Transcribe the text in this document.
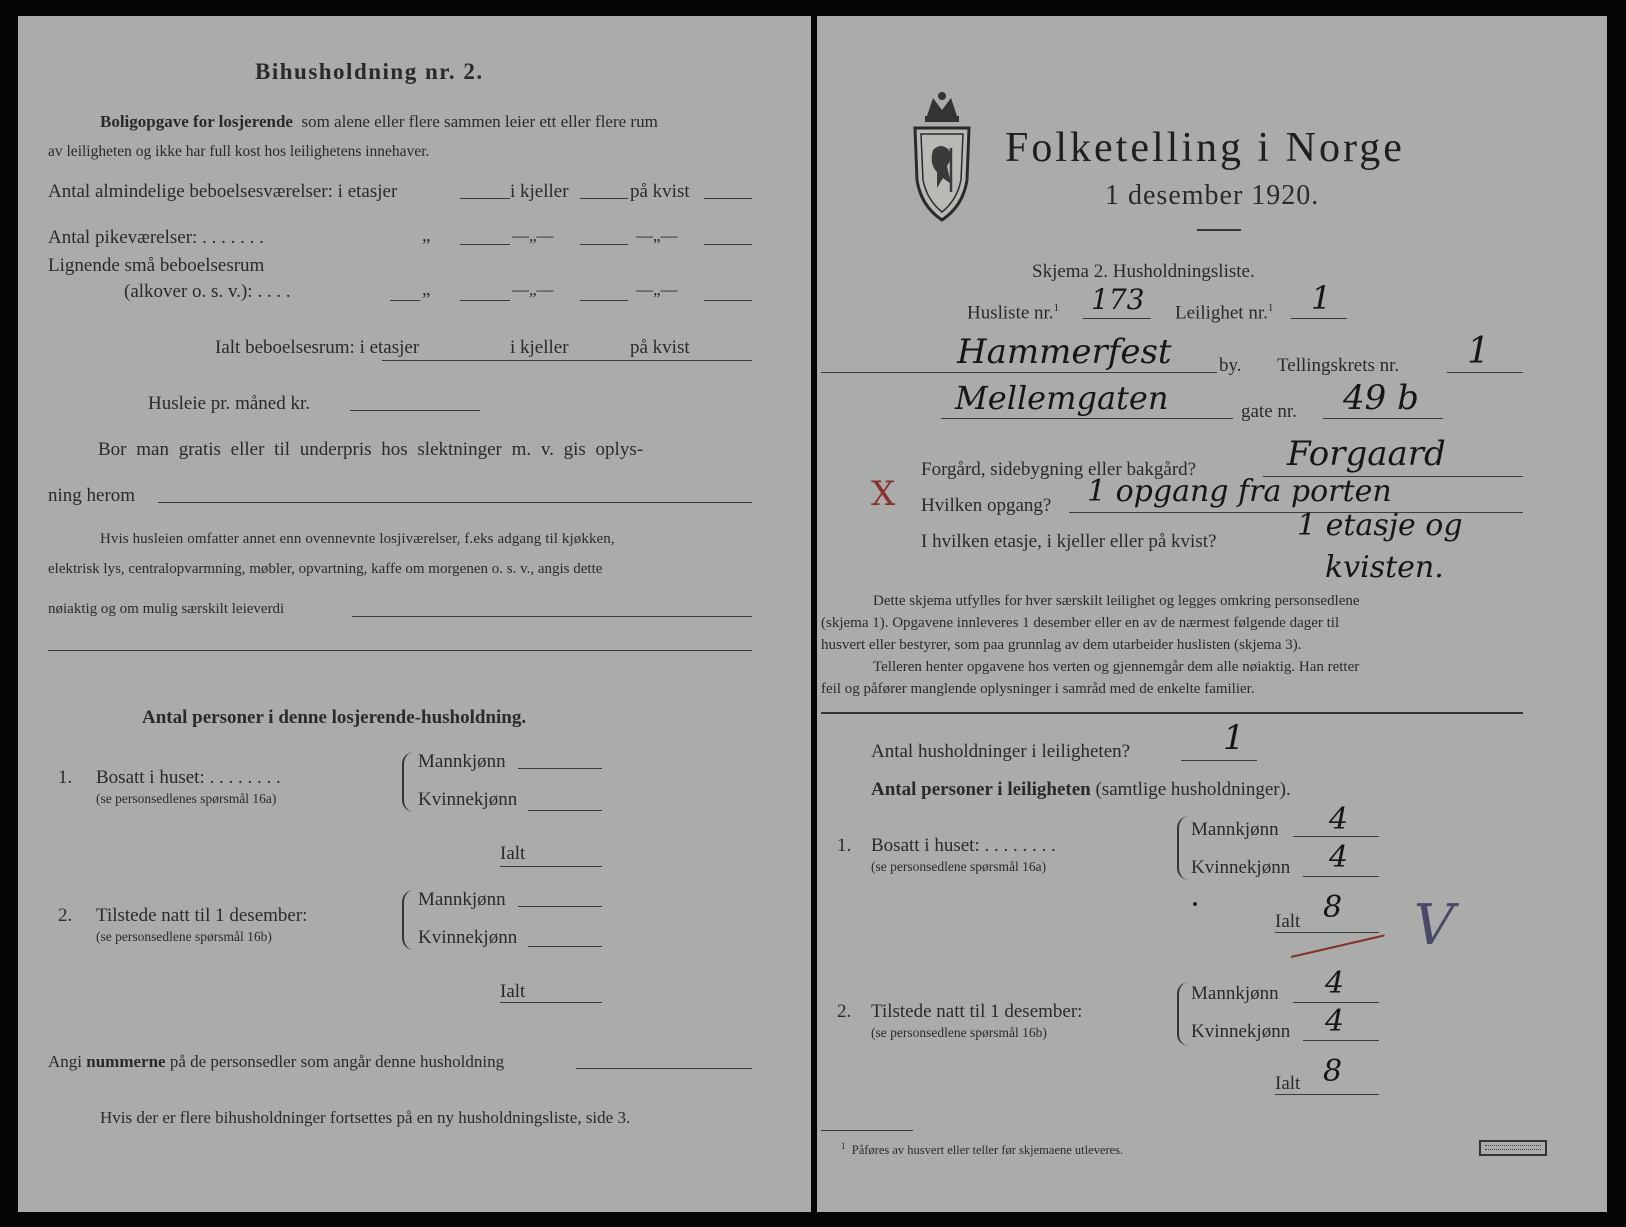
Bihusholdning nr. 2.
Boligopgave for losjerende som alene eller flere sammen leier ett eller flere rum
av leiligheten og ikke har full kost hos leilighetens innehaver.
Antal almindelige beboelsesværelser: i etasjer	i kjeller	på kvist
Antal pikeværelser: . . . . . . .	„	—„—	—„—
Lignende små beboelsesrum
(alkover o. s. v.): . . . .	„	—„—	—„—
Ialt beboelsesrum: i etasjer	i kjeller	på kvist
Husleie pr. måned kr.
Bor man gratis eller til underpris hos slektninger m. v. gis oplys-
ning herom
Hvis husleien omfatter annet enn ovennevnte losjiværelser, f.eks adgang til kjøkken,
elektrisk lys, centralopvarmning, møbler, opvartning, kaffe om morgenen o. s. v., angis dette
nøiaktig og om mulig særskilt leieverdi
Antal personer i denne losjerende-husholdning.
1. Bosatt i huset: . . . . . . . .
(se personsedlenes spørsmål 16a)
Mannkjønn
Kvinnekjønn
Ialt
2. Tilstede natt til 1 desember:
(se personsedlene spørsmål 16b)
Mannkjønn
Kvinnekjønn
Ialt
Angi nummerne på de personsedler som angår denne husholdning
Hvis der er flere bihusholdninger fortsettes på en ny husholdningsliste, side 3.
Folketelling i Norge
1 desember 1920.
Skjema 2. Husholdningsliste.
Husliste nr.$^1$ 173 Leilighet nr.$^1$ 1
Hammerfest by. Tellingskrets nr. 1
Mellemgaten	gate nr. 49 b
Forgård, sidebygning eller bakgård?	Forgaard
X Hvilken opgang? 1 opgang fra porten
I hvilken etasje, i kjeller eller på kvist?	1 etasje og
kvisten.
Dette skjema utfylles for hver særskilt leilighet og legges omkring personsedlene
(skjema 1). Opgavene innleveres 1 desember eller en av de nærmest følgende dager til
husvert eller bestyrer, som paa grunnlag av dem utarbeider huslisten (skjema 3).
Telleren henter opgavene hos verten og gjennemgår dem alle nøiaktig. Han retter
feil og påfører manglende oplysninger i samråd med de enkelte familier.
Antal husholdninger i leiligheten?	1
Antal personer i leiligheten (samtlige husholdninger).
1. Bosatt i huset: . . . . . . . .
(se personsedlene spørsmål 16a)
Mannkjønn 4
Kvinnekjønn 4
Ialt 8 V
2. Tilstede natt til 1 desember:
(se personsedlene spørsmål 16b)
Mannkjønn 4
Kvinnekjønn 4
Ialt 8
$^1$ Påføres av husvert eller teller før skjemaene utleveres.
